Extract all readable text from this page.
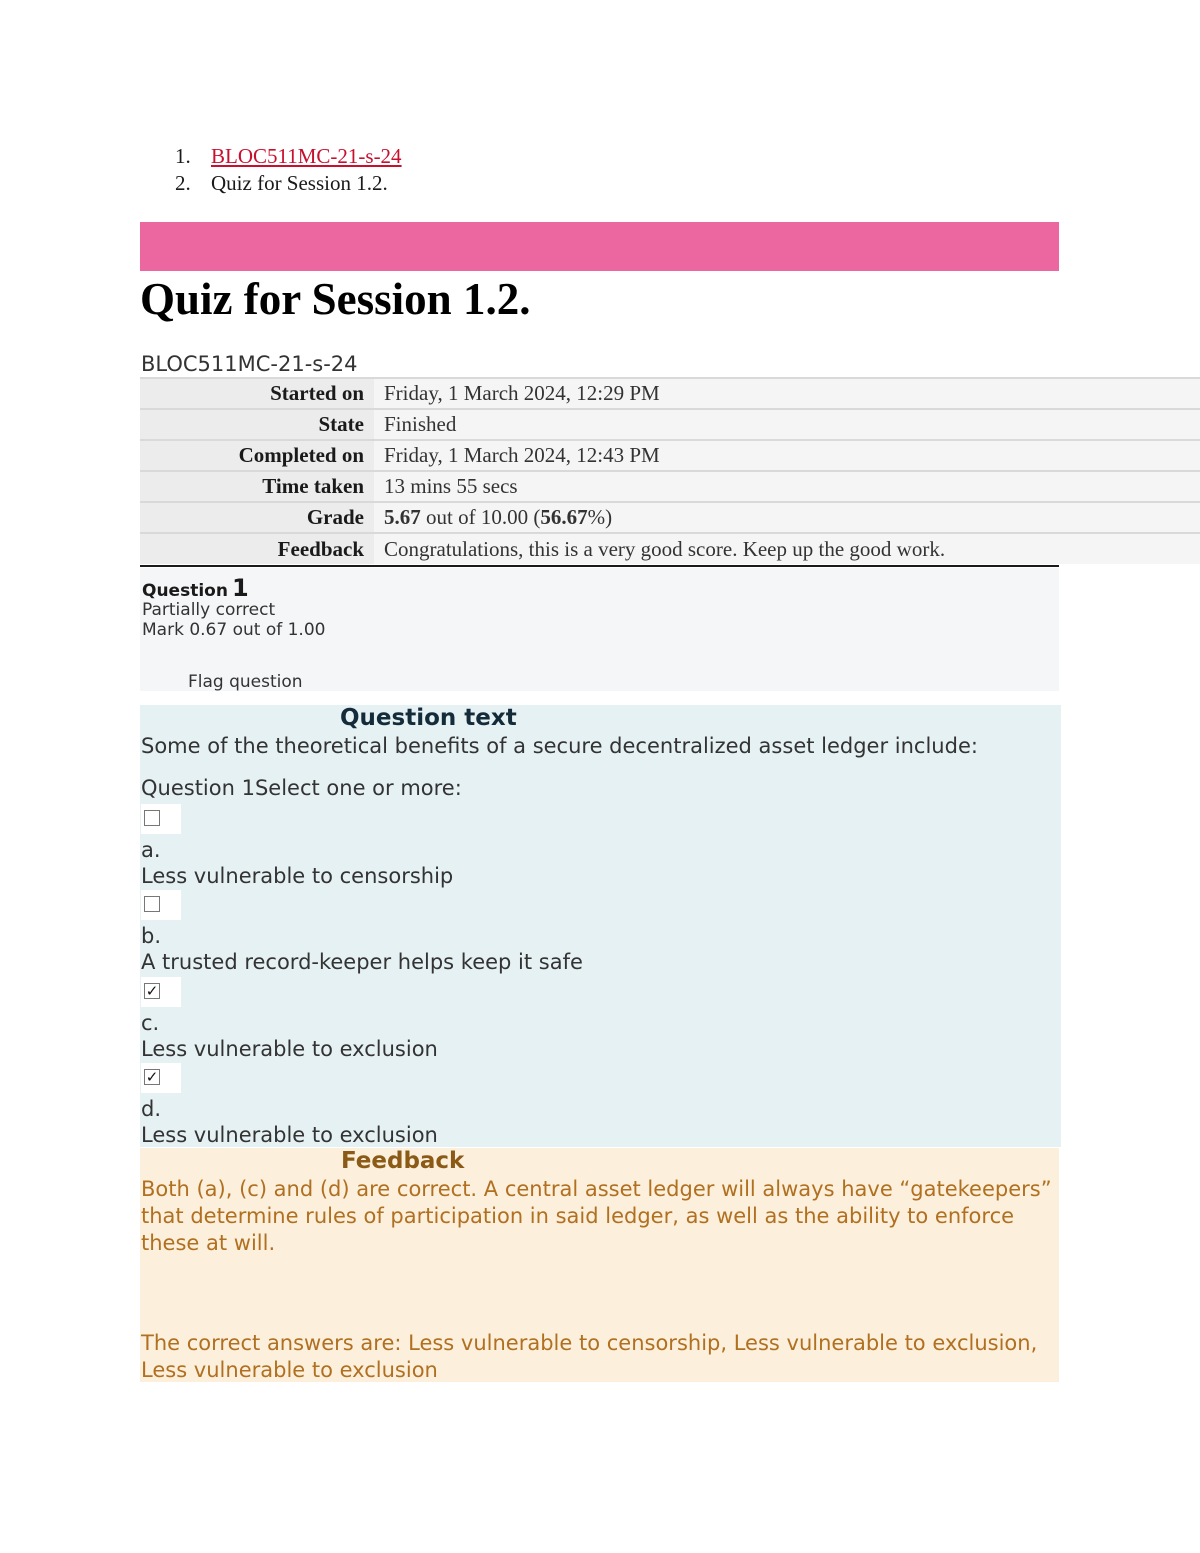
1. BLOC511MC-21-s-24
2. Quiz for Session 1.2.
Quiz for Session 1.2.
BLOC511MC-21-s-24
Started on	Friday, 1 March 2024, 12:29 PM
State	Finished
Completed on	Friday, 1 March 2024, 12:43 PM
Time taken	13 mins 55 secs
Grade	5.67 out of 10.00 (56.67%)
Feedback	Congratulations, this is a very good score. Keep up the good work.
Question 1
Partially correct
Mark 0.67 out of 1.00
Flag question
Question text
Some of the theoretical benefits of a secure decentralized asset ledger include:
Question 1Select one or more:
a.
Less vulnerable to censorship
b.
A trusted record-keeper helps keep it safe
✓
c.
Less vulnerable to exclusion
✓
d.
Less vulnerable to exclusion
Feedback
Both (a), (c) and (d) are correct. A central asset ledger will always have “gatekeepers” that determine rules of participation in said ledger, as well as the ability to enforce these at will.
The correct answers are: Less vulnerable to censorship, Less vulnerable to exclusion, Less vulnerable to exclusion
